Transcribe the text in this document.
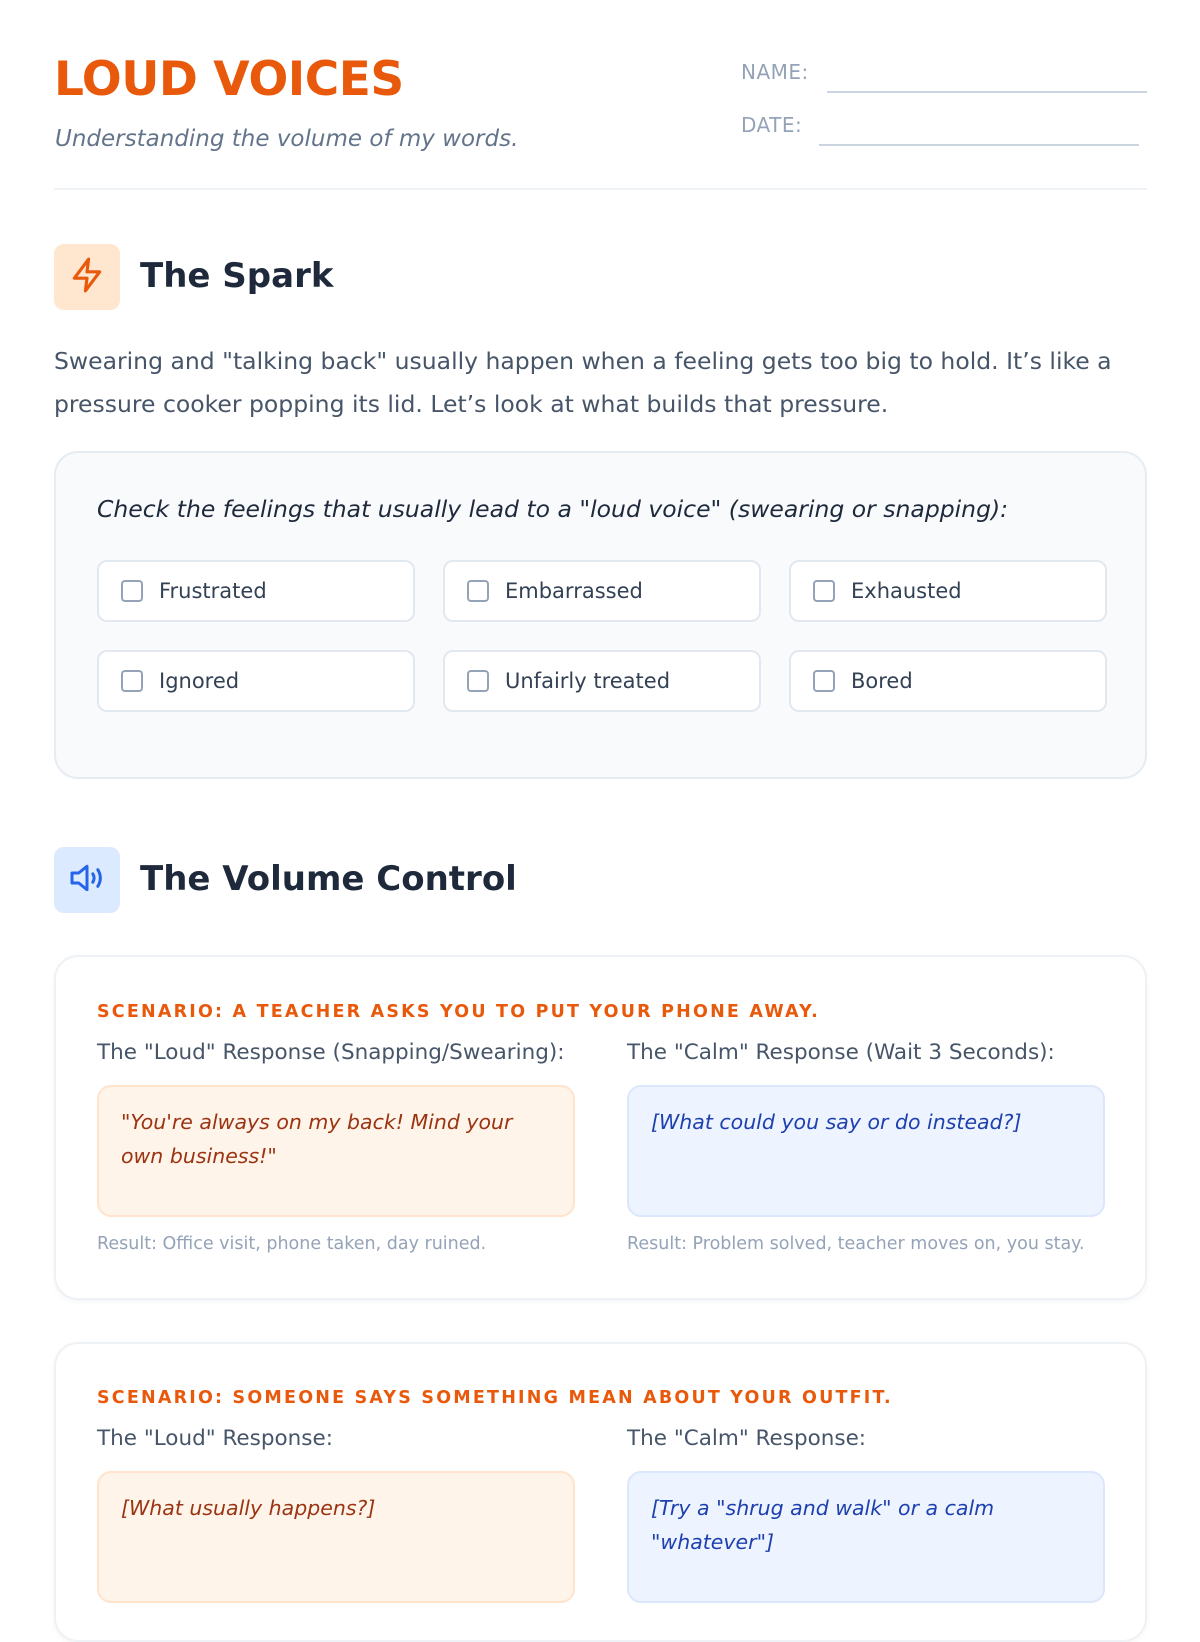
LOUD VOICES

Understanding the volume of my words.

NAME:
DATE:
The Spark

Swearing and "talking back" usually happen when a feeling gets too big to hold. It’s like a pressure cooker popping its lid. Let’s look at what builds that pressure.

Check the feelings that usually lead to a "loud voice" (swearing or snapping):

Frustrated	Embarrassed	Exhausted
Ignored	Unfairly treated	Bored
The Volume Control

SCENARIO: A TEACHER ASKS YOU TO PUT YOUR PHONE AWAY.

The "Loud" Response (Snapping/Swearing):	The "Calm" Response (Wait 3 Seconds):

"You're always on my back! Mind your own business!"
[What could you say or do instead?]

Result: Office visit, phone taken, day ruined.	Result: Problem solved, teacher moves on, you stay.

SCENARIO: SOMEONE SAYS SOMETHING MEAN ABOUT YOUR OUTFIT.

The "Loud" Response:	The "Calm" Response:

[What usually happens?]	[Try a "shrug and walk" or a calm "whatever"]
